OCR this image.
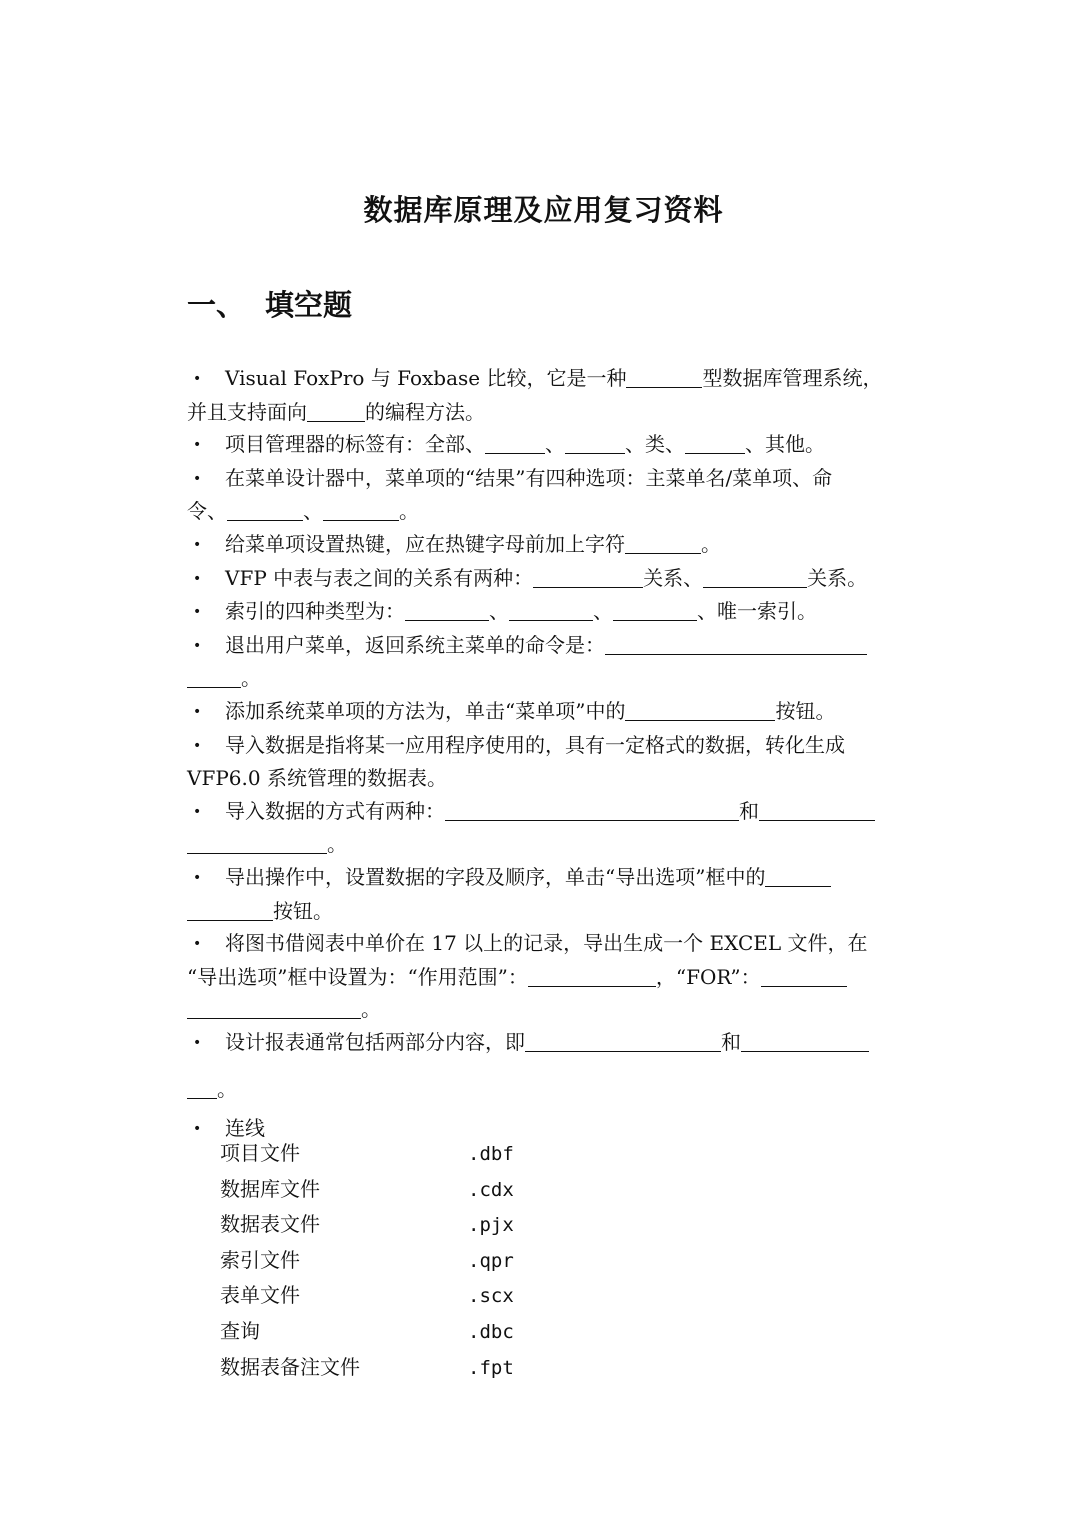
数据库原理及应用复习资料
一、 填空题
• Visual FoxPro 与 Foxbase 比较，它是一种	型数据库管理系统，
并且支持面向	的编程方法。
• 项目管理器的标签有：全部、	、	、类、	、其他。
• 在菜单设计器中，菜单项的“结果”有四种选项：主菜单名/菜单项、命
令、	、	。
• 给菜单项设置热键，应在热键字母前加上字符	。
• VFP 中表与表之间的关系有两种：	关系、	关系。
• 索引的四种类型为：	、	、	、唯一索引。
• 退出用户菜单，返回系统主菜单的命令是：
。
• 添加系统菜单项的方法为，单击“菜单项”中的	按钮。
• 导入数据是指将某一应用程序使用的，具有一定格式的数据，转化生成
VFP6.0 系统管理的数据表。
• 导入数据的方式有两种：	和
。
• 导出操作中，设置数据的字段及顺序，单击“导出选项”框中的
按钮。
• 将图书借阅表中单价在 17 以上的记录，导出生成一个 EXCEL 文件，在
“导出选项”框中设置为：“作用范围”：	，“FOR”：
。
• 设计报表通常包括两部分内容，即	和
。
• 连线
项目文件	.dbf
数据库文件	.cdx
数据表文件	.pjx
索引文件	.qpr
表单文件	.scx
查询	.dbc
数据表备注文件	.fpt
